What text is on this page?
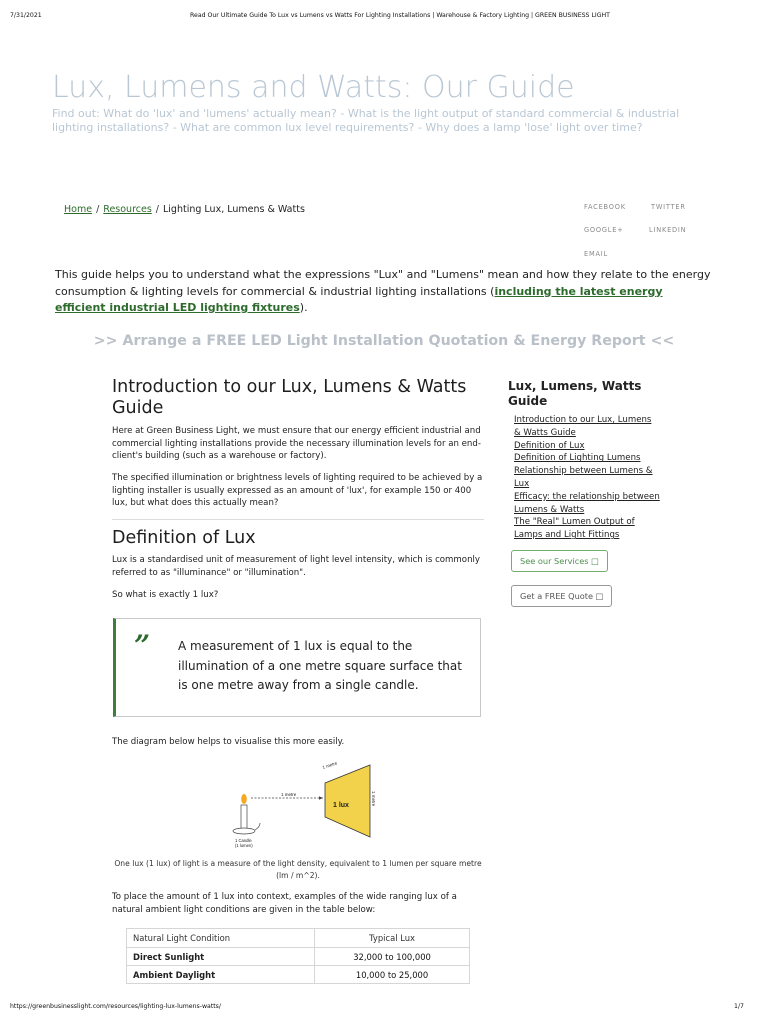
7/31/2021	Read Our Ultimate Guide To Lux vs Lumens vs Watts For Lighting Installations | Warehouse & Factory Lighting | GREEN BUSINESS LIGHT
Lux, Lumens and Watts: Our Guide

Find out: What do 'lux' and 'lumens' actually mean? - What is the light output of standard commercial & industrial lighting installations? - What are common lux level requirements? - Why does a lamp 'lose' light over time?

Home / Resources / Lighting Lux, Lumens & Watts	FACEBOOK	TWITTER
GOOGLE+	LINKEDIN
EMAIL

This guide helps you to understand what the expressions "Lux" and "Lumens" mean and how they relate to the energy consumption & lighting levels for commercial & industrial lighting installations (including the latest energy efficient industrial LED lighting fixtures).

>> Arrange a FREE LED Light Installation Quotation & Energy Report <<
Introduction to our Lux, Lumens & Watts Guide

Here at Green Business Light, we must ensure that our energy efficient industrial and commercial lighting installations provide the necessary illumination levels for an end-client's building (such as a warehouse or factory).

The specified illumination or brightness levels of lighting required to be achieved by a lighting installer is usually expressed as an amount of 'lux', for example 150 or 400 lux, but what does this actually mean?

Definition of Lux

Lux is a standardised unit of measurement of light level intensity, which is commonly referred to as "illuminance" or "illumination".

So what is exactly 1 lux?

” A measurement of 1 lux is equal to the illumination of a one metre square surface that is one metre away from a single candle.

The diagram below helps to visualise this more easily.

1 lux
1 metre
1 metre
1 metre
1 Candle
(1 lumen)

One lux (1 lux) of light is a measure of the light density, equivalent to 1 lumen per square metre (lm / m^2).

To place the amount of 1 lux into context, examples of the wide ranging lux of a natural ambient light conditions are given in the table below:

Natural Light Condition	Typical Lux
Direct Sunlight	32,000 to 100,000
Ambient Daylight	10,000 to 25,000
Lux, Lumens, Watts Guide
Introduction to our Lux, Lumens & Watts Guide
Definition of Lux
Definition of Lighting Lumens
Relationship between Lumens & Lux
Efficacy: the relationship between Lumens & Watts
The "Real" Lumen Output of Lamps and Light Fittings
See our Services □
Get a FREE Quote □
https://greenbusinesslight.com/resources/lighting-lux-lumens-watts/	1/7
